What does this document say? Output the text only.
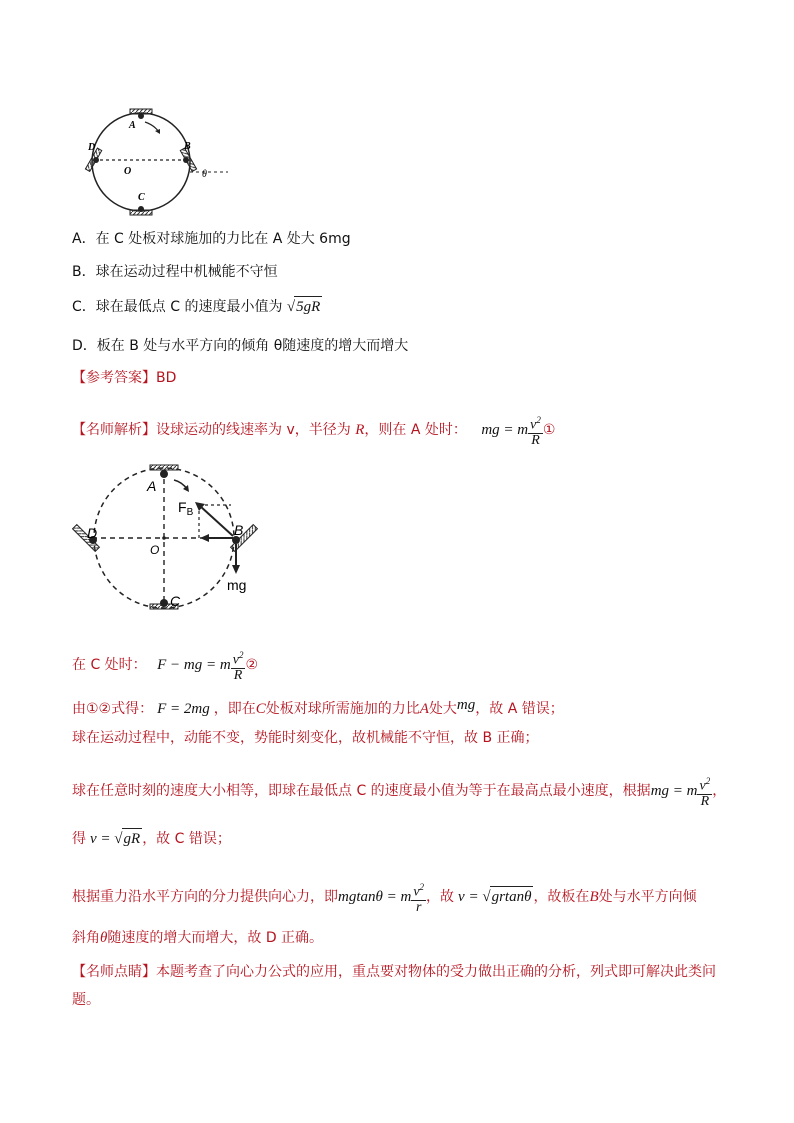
A
B
C
D
O	θ
A．在 C 处板对球施加的力比在 A 处大 6mg
B．球在运动过程中机械能不守恒
C．球在最低点 C 的速度最小值为 √5gR
D．板在 B 处与水平方向的倾角 θ随速度的增大而增大
【参考答案】BD
【名师解析】设球运动的线速率为 v，半径为 R，则在 A 处时： mg = m $\frac{v^2}{R}$ ①
A
B
C
D
O
$F_B$
mg
在 C 处时： F − mg = m $\frac{v^2}{R}$ ②
由①②式得： F = 2mg ，即在C处板对球所需施加的力比A处大mg，故 A 错误；
球在运动过程中，动能不变，势能时刻变化，故机械能不守恒，故 B 正确；
球在任意时刻的速度大小相等，即球在最低点 C 的速度最小值为等于在最高点最小速度，根据mg = m $\frac{v^2}{R}$ ，
得 v = √gR ，故 C 错误；
根据重力沿水平方向的分力提供向心力，即mgtanθ = m $\frac{v^2}{r}$ ，故 v = √grtanθ ，故板在B处与水平方向倾
斜角θ随速度的增大而增大，故 D 正确。
【名师点睛】本题考查了向心力公式的应用，重点要对物体的受力做出正确的分析，列式即可解决此类问
题。
